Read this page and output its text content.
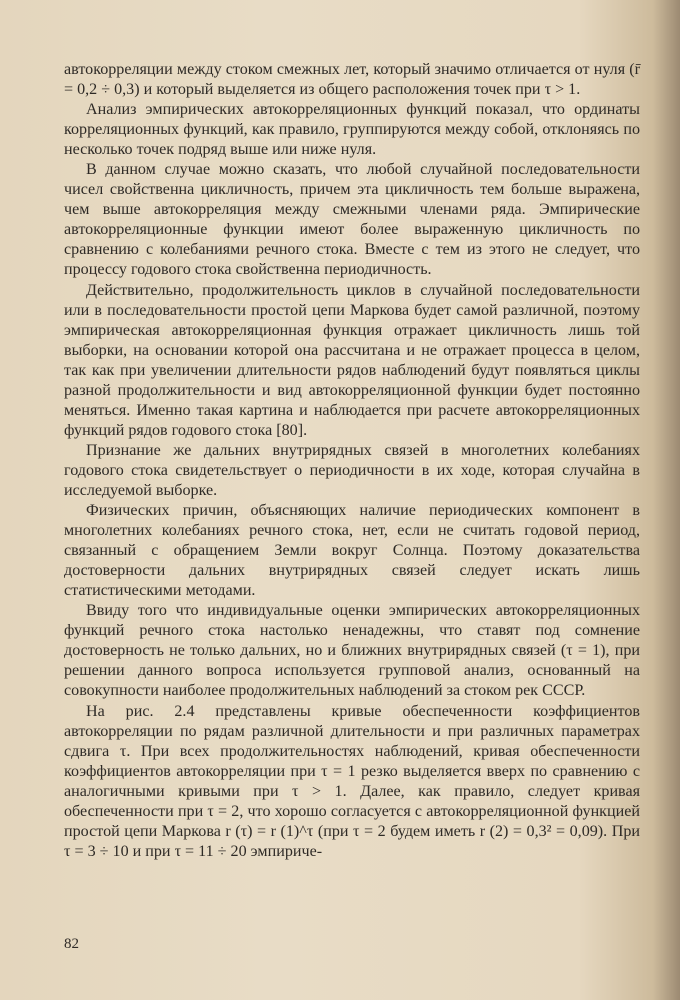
автокорреляции между стоком смежных лет, который значимо отличается от нуля (r̄ = 0,2 ÷ 0,3) и который выделяется из общего расположения точек при τ > 1.

Анализ эмпирических автокорреляционных функций показал, что ординаты корреляционных функций, как правило, группируются между собой, отклоняясь по несколько точек подряд выше или ниже нуля.

В данном случае можно сказать, что любой случайной последовательности чисел свойственна цикличность, причем эта цикличность тем больше выражена, чем выше автокорреляция между смежными членами ряда. Эмпирические автокорреляционные функции имеют более выраженную цикличность по сравнению с колебаниями речного стока. Вместе с тем из этого не следует, что процессу годового стока свойственна периодичность.

Действительно, продолжительность циклов в случайной последовательности или в последовательности простой цепи Маркова будет самой различной, поэтому эмпирическая автокорреляционная функция отражает цикличность лишь той выборки, на основании которой она рассчитана и не отражает процесса в целом, так как при увеличении длительности рядов наблюдений будут появляться циклы разной продолжительности и вид автокорреляционной функции будет постоянно меняться. Именно такая картина и наблюдается при расчете автокорреляционных функций рядов годового стока [80].

Признание же дальних внутрирядных связей в многолетних колебаниях годового стока свидетельствует о периодичности в их ходе, которая случайна в исследуемой выборке.

Физических причин, объясняющих наличие периодических компонент в многолетних колебаниях речного стока, нет, если не считать годовой период, связанный с обращением Земли вокруг Солнца. Поэтому доказательства достоверности дальних внутрирядных связей следует искать лишь статистическими методами.

Ввиду того что индивидуальные оценки эмпирических автокорреляционных функций речного стока настолько ненадежны, что ставят под сомнение достоверность не только дальних, но и ближних внутрирядных связей (τ = 1), при решении данного вопроса используется групповой анализ, основанный на совокупности наиболее продолжительных наблюдений за стоком рек СССР.

На рис. 2.4 представлены кривые обеспеченности коэффициентов автокорреляции по рядам различной длительности и при различных параметрах сдвига τ. При всех продолжительностях наблюдений, кривая обеспеченности коэффициентов автокорреляции при τ = 1 резко выделяется вверх по сравнению с аналогичными кривыми при τ > 1. Далее, как правило, следует кривая обеспеченности при τ = 2, что хорошо согласуется с автокорреляционной функцией простой цепи Маркова r (τ) = r (1)^τ (при τ = 2 будем иметь r (2) = 0,3² = 0,09). При τ = 3 ÷ 10 и при τ = 11 ÷ 20 эмпириче-

82
